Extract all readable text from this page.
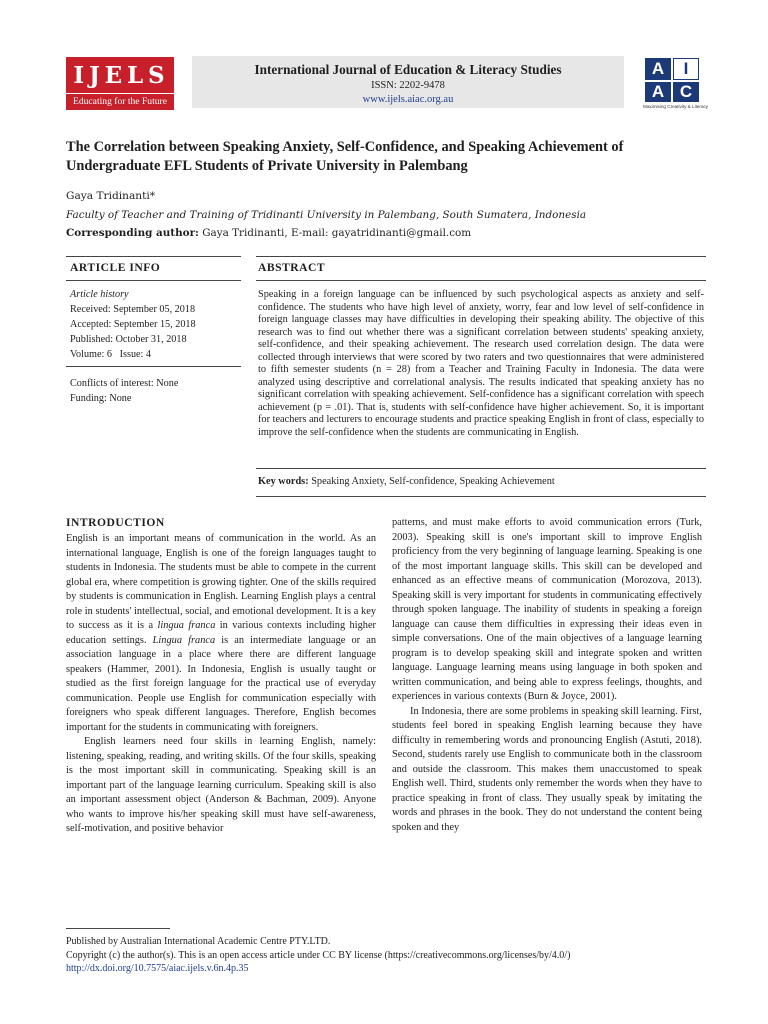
I J E L S
Educating for the Future
International Journal of Education & Literacy Studies
ISSN: 2202-9478
www.ijels.aiac.org.au
A	I
A C
Maximising Creativity & Literacy
The Correlation between Speaking Anxiety, Self-Confidence, and Speaking Achievement of Undergraduate EFL Students of Private University in Palembang
Gaya Tridinanti*
Faculty of Teacher and Training of Tridinanti University in Palembang, South Sumatera, Indonesia
Corresponding author: Gaya Tridinanti, E-mail: gayatridinanti@gmail.com
ARTICLE INFO	ABSTRACT
Article history
Received: September 05, 2018
Accepted: September 15, 2018
Published: October 31, 2018
Volume: 6   Issue: 4
Conflicts of interest: None
Funding: None
Speaking in a foreign language can be influenced by such psychological aspects as anxiety and self-confidence. The students who have high level of anxiety, worry, fear and low level of self-confidence in foreign language classes may have difficulties in developing their speaking ability. The objective of this research was to find out whether there was a significant correlation between students' speaking anxiety, self-confidence, and their speaking achievement. The research used correlation design. The data were collected through interviews that were scored by two raters and two questionnaires that were administered to fifth semester students (n = 28) from a Teacher and Training Faculty in Indonesia. The data were analyzed using descriptive and correlational analysis. The results indicated that speaking anxiety has no significant correlation with speaking achievement. Self-confidence has a significant correlation with speech achievement (p = .01). That is, students with self-confidence have higher achievement. So, it is important for teachers and lecturers to encourage students and practice speaking English in front of class, especially to improve the self-confidence when the students are communicating in English.
Key words: Speaking Anxiety, Self-confidence, Speaking Achievement
INTRODUCTION

English is an important means of communication in the world. As an international language, English is one of the foreign languages taught to students in Indonesia. The students must be able to compete in the current global era, where competition is growing tighter. One of the skills required by students is communication in English. Learning English plays a central role in students' intellectual, social, and emotional development. It is a key to success as it is a lingua franca in various contexts including higher education settings. Lingua franca is an intermediate language or an association language in a place where there are different language speakers (Hammer, 2001). In Indonesia, English is usually taught or studied as the first foreign language for the practical use of everyday communication. People use English for communication especially with foreigners who speak different languages. Therefore, English becomes important for the students in communicating with foreigners.

English learners need four skills in learning English, namely: listening, speaking, reading, and writing skills. Of the four skills, speaking is the most important skill in communicating. Speaking skill is an important part of the language learning curriculum. Speaking skill is also an important assessment object (Anderson & Bachman, 2009). Anyone who wants to improve his/her speaking skill must have self-awareness, self-motivation, and positive behavior

patterns, and must make efforts to avoid communication errors (Turk, 2003). Speaking skill is one's important skill to improve English proficiency from the very beginning of language learning. Speaking is one of the most important language skills. This skill can be developed and enhanced as an effective means of communication (Morozova, 2013). Speaking skill is very important for students in communicating effectively through spoken language. The inability of students in speaking a foreign language can cause them difficulties in expressing their ideas even in simple conversations. One of the main objectives of a language learning program is to develop speaking skill and integrate spoken and written language. Language learning means using language in both spoken and written communication, and being able to express feelings, thoughts, and experiences in various contexts (Burn & Joyce, 2001).

In Indonesia, there are some problems in speaking skill learning. First, students feel bored in speaking English learning because they have difficulty in remembering words and pronouncing English (Astuti, 2018). Second, students rarely use English to communicate both in the classroom and outside the classroom. This makes them unaccustomed to speak English well. Third, students only remember the words when they have to practice speaking in front of class. They usually speak by imitating the words and phrases in the book. They do not understand the content being spoken and they

Published by Australian International Academic Centre PTY.LTD.
Copyright (c) the author(s). This is an open access article under CC BY license (https://creativecommons.org/licenses/by/4.0/)
http://dx.doi.org/10.7575/aiac.ijels.v.6n.4p.35
